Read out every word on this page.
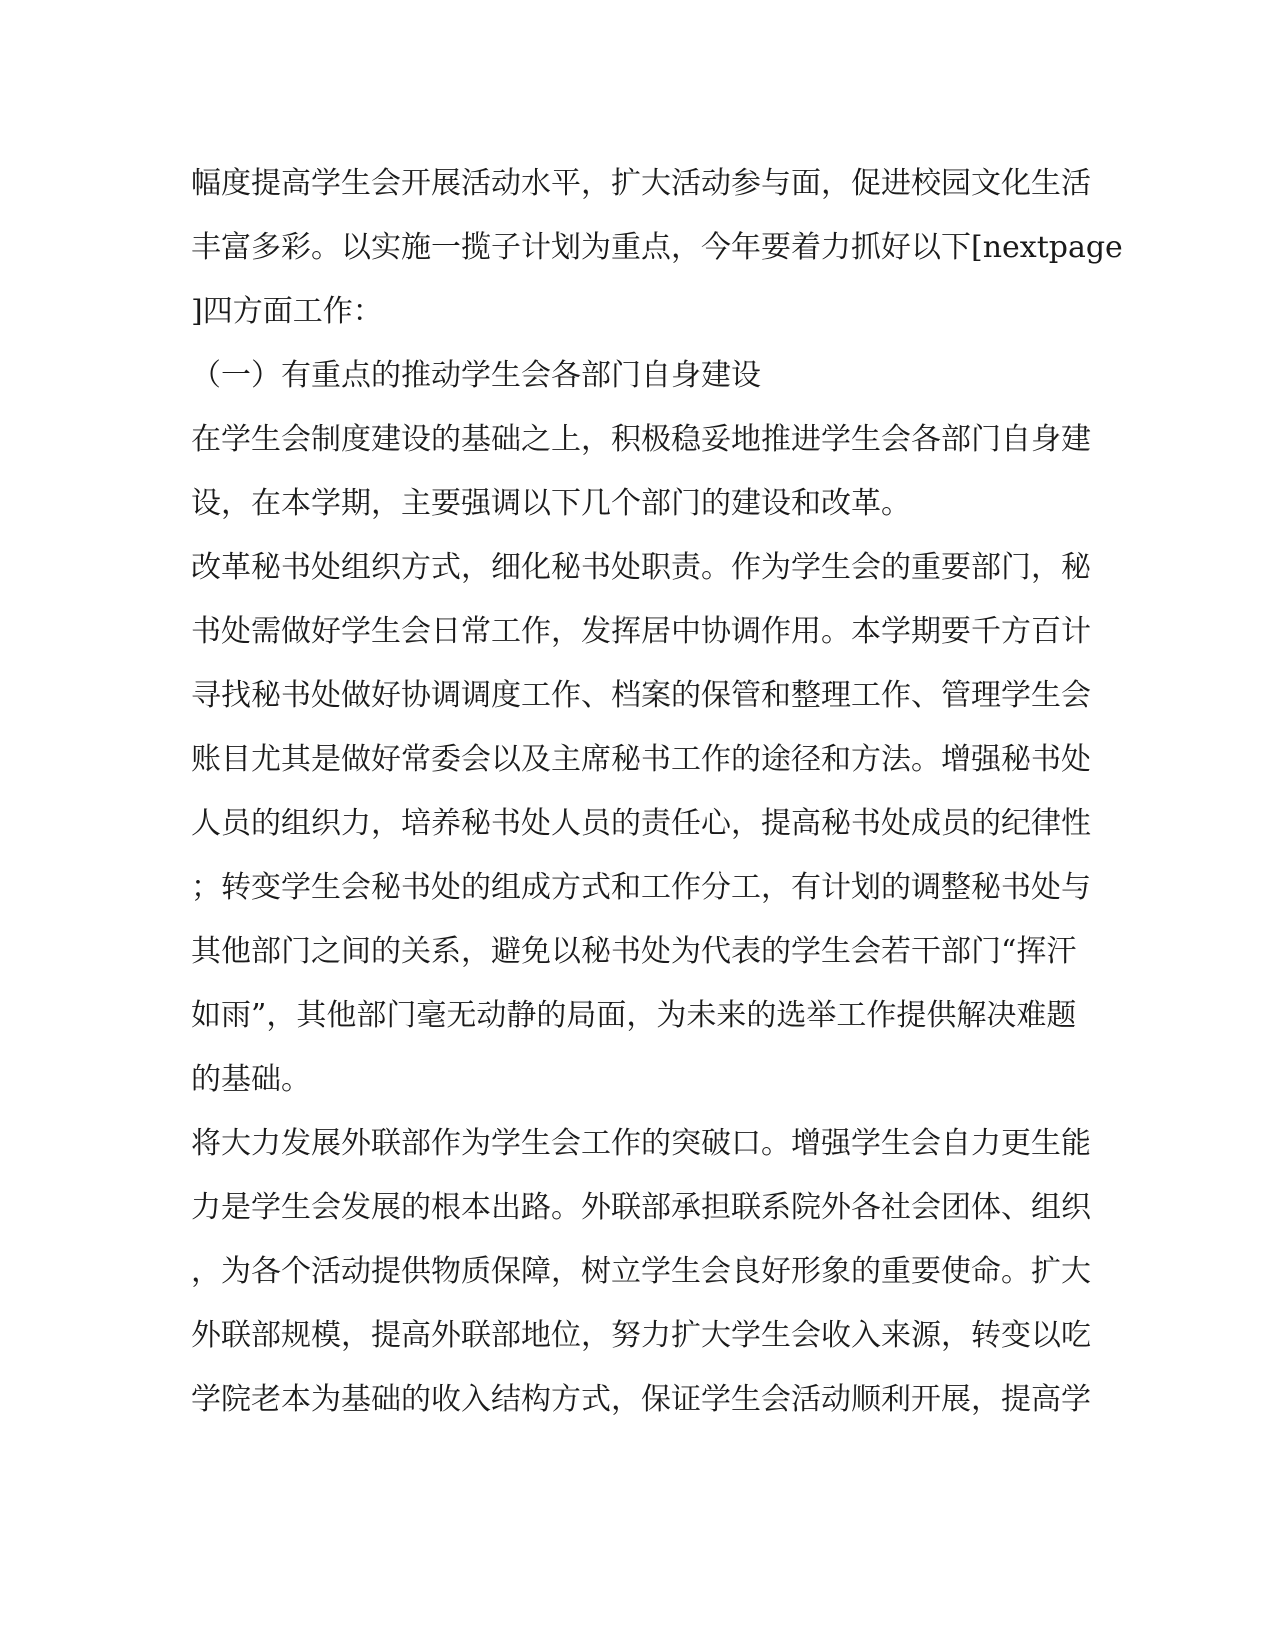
幅度提高学生会开展活动水平，扩大活动参与面，促进校园文化生活
丰富多彩。以实施一揽子计划为重点，今年要着力抓好以下[nextpage
]四方面工作：
（一）有重点的推动学生会各部门自身建设
在学生会制度建设的基础之上，积极稳妥地推进学生会各部门自身建
设，在本学期，主要强调以下几个部门的建设和改革。
改革秘书处组织方式，细化秘书处职责。作为学生会的重要部门，秘
书处需做好学生会日常工作，发挥居中协调作用。本学期要千方百计
寻找秘书处做好协调调度工作、档案的保管和整理工作、管理学生会
账目尤其是做好常委会以及主席秘书工作的途径和方法。增强秘书处
人员的组织力，培养秘书处人员的责任心，提高秘书处成员的纪律性
；转变学生会秘书处的组成方式和工作分工，有计划的调整秘书处与
其他部门之间的关系，避免以秘书处为代表的学生会若干部门“挥汗
如雨”，其他部门毫无动静的局面，为未来的选举工作提供解决难题
的基础。
将大力发展外联部作为学生会工作的突破口。增强学生会自力更生能
力是学生会发展的根本出路。外联部承担联系院外各社会团体、组织
，为各个活动提供物质保障，树立学生会良好形象的重要使命。扩大
外联部规模，提高外联部地位，努力扩大学生会收入来源，转变以吃
学院老本为基础的收入结构方式，保证学生会活动顺利开展，提高学
